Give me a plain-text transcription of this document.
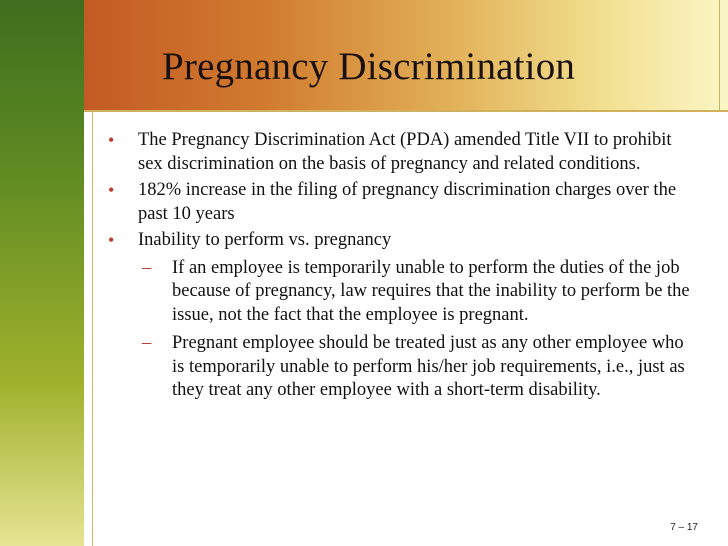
Pregnancy Discrimination
• The Pregnancy Discrimination Act (PDA) amended Title VII to prohibit sex discrimination on the basis of pregnancy and related conditions.
• 182% increase in the filing of pregnancy discrimination charges over the past 10 years
• Inability to perform vs. pregnancy
– If an employee is temporarily unable to perform the duties of the job because of pregnancy, law requires that the inability to perform be the issue, not the fact that the employee is pregnant.
– Pregnant employee should be treated just as any other employee who is temporarily unable to perform his/her job requirements, i.e., just as they treat any other employee with a short-term disability.
7 – 17
